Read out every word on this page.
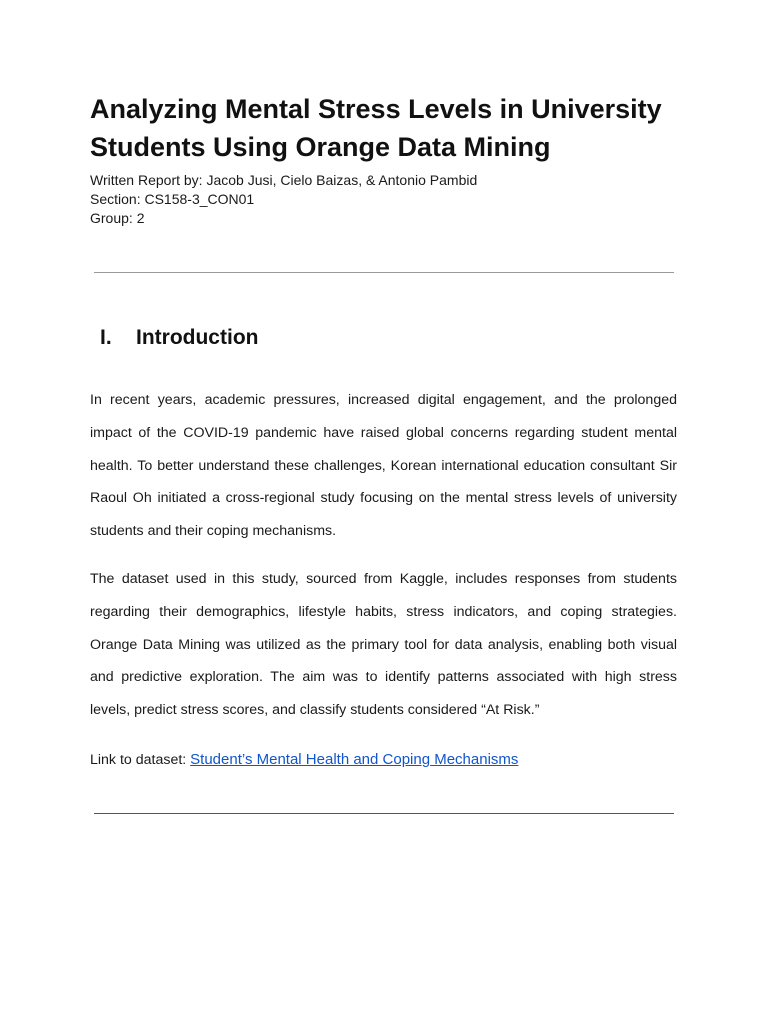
Analyzing Mental Stress Levels in University Students Using Orange Data Mining
Written Report by: Jacob Jusi, Cielo Baizas, & Antonio Pambid
Section: CS158-3_CON01
Group: 2
I. Introduction

In recent years, academic pressures, increased digital engagement, and the prolonged impact of the COVID-19 pandemic have raised global concerns regarding student mental health. To better understand these challenges, Korean international education consultant Sir Raoul Oh initiated a cross-regional study focusing on the mental stress levels of university students and their coping mechanisms.

The dataset used in this study, sourced from Kaggle, includes responses from students regarding their demographics, lifestyle habits, stress indicators, and coping strategies. Orange Data Mining was utilized as the primary tool for data analysis, enabling both visual and predictive exploration. The aim was to identify patterns associated with high stress levels, predict stress scores, and classify students considered “At Risk.”

Link to dataset: Student’s Mental Health and Coping Mechanisms
